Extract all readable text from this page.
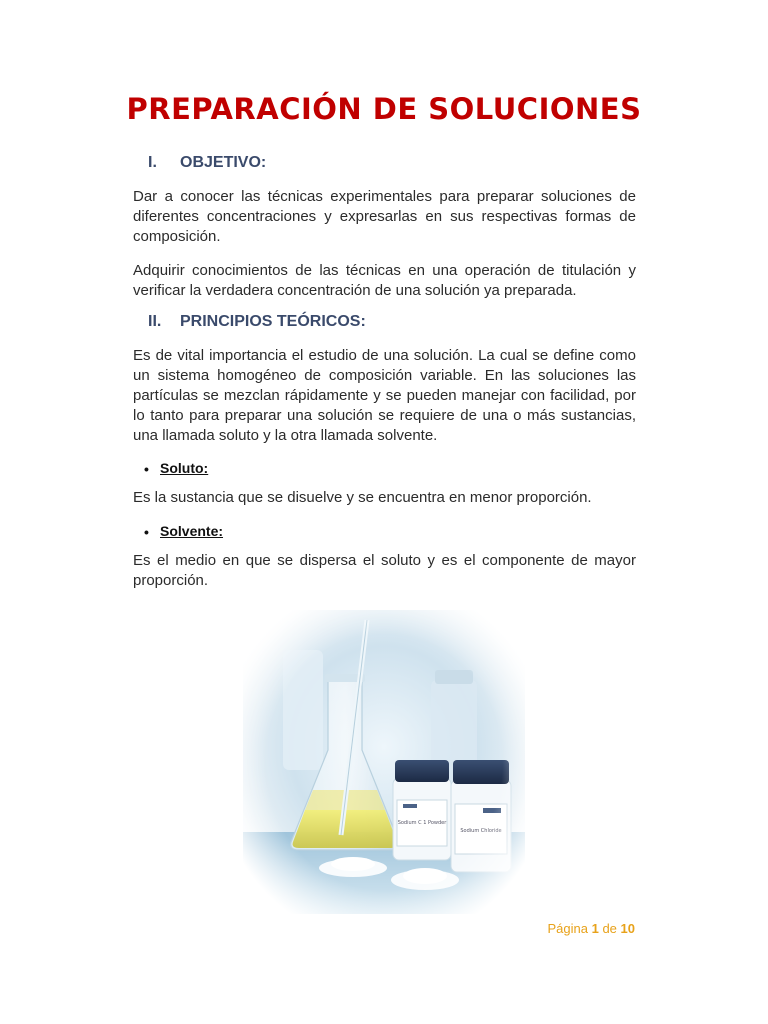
PREPARACIÓN DE SOLUCIONES
I. OBJETIVO:

Dar a conocer las técnicas experimentales para preparar soluciones de diferentes concentraciones y expresarlas en sus respectivas formas de composición.

Adquirir conocimientos de las técnicas en una operación de titulación y verificar la verdadera concentración de una solución ya preparada.

II. PRINCIPIOS TEÓRICOS:

Es de vital importancia el estudio de una solución. La cual se define como un sistema homogéneo de composición variable. En las soluciones las partículas se mezclan rápidamente y se pueden manejar con facilidad, por lo tanto para preparar una solución se requiere de una o más sustancias, una llamada soluto y la otra llamada solvente.

• Soluto:

Es la sustancia que se disuelve y se encuentra en menor proporción.

• Solvente:

Es el medio en que se dispersa el soluto y es el componente de mayor proporción.

Página 1 de 10
